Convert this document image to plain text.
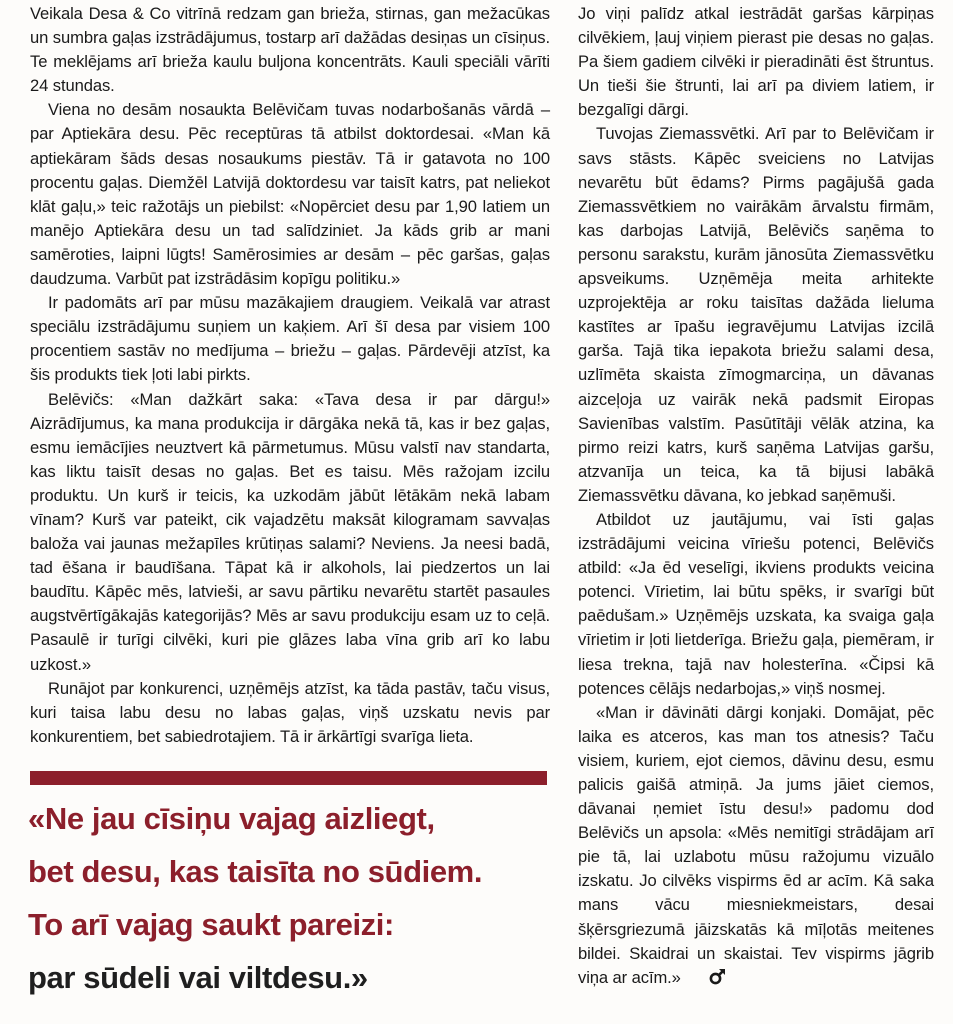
Veikala Desa & Co vitrīnā redzam gan brieža, stirnas, gan mežacūkas un sumbra gaļas izstrādājumus, tostarp arī dažādas desiņas un cīsiņus. Te meklējams arī brieža kaulu buljona koncentrāts. Kauli speciāli vārīti 24 stundas.

Viena no desām nosaukta Belēvičam tuvas nodarbošanās vārdā – par Aptiekāra desu. Pēc receptūras tā atbilst doktordesai. «Man kā aptiekāram šāds desas nosaukums piestāv. Tā ir gatavota no 100 procentu gaļas. Diemžēl Latvijā doktordesu var taisīt katrs, pat neliekot klāt gaļu,» teic ražotājs un piebilst: «Nopērciet desu par 1,90 latiem un manējo Aptiekāra desu un tad salīdziniet. Ja kāds grib ar mani samēroties, laipni lūgts! Samērosimies ar desām – pēc garšas, gaļas daudzuma. Varbūt pat izstrādāsim kopīgu politiku.»

Ir padomāts arī par mūsu mazākajiem draugiem. Veikalā var atrast speciālu izstrādājumu suņiem un kaķiem. Arī šī desa par visiem 100 procentiem sastāv no medījuma – briežu – gaļas. Pārdevēji atzīst, ka šis produkts tiek ļoti labi pirkts.

Belēvičs: «Man dažkārt saka: «Tava desa ir par dārgu!» Aizrādījumus, ka mana produkcija ir dārgāka nekā tā, kas ir bez gaļas, esmu iemācījies neuztvert kā pārmetumus. Mūsu valstī nav standarta, kas liktu taisīt desas no gaļas. Bet es taisu. Mēs ražojam izcilu produktu. Un kurš ir teicis, ka uzkodām jābūt lētākām nekā labam vīnam? Kurš var pateikt, cik vajadzētu maksāt kilogramam savvaļas baloža vai jaunas mežapīles krūtiņas salami? Neviens. Ja neesi badā, tad ēšana ir baudīšana. Tāpat kā ir alkohols, lai piedzertos un lai baudītu. Kāpēc mēs, latvieši, ar savu pārtiku nevarētu startēt pasaules augstvērtīgākajās kategorijās? Mēs ar savu produkciju esam uz to ceļā. Pasaulē ir turīgi cilvēki, kuri pie glāzes laba vīna grib arī ko labu uzkost.»

Runājot par konkurenci, uzņēmējs atzīst, ka tāda pastāv, taču visus, kuri taisa labu desu no labas gaļas, viņš uzskatu nevis par konkurentiem, bet sabiedrotajiem. Tā ir ārkārtīgi svarīga lieta.

«Ne jau cīsiņu vajag aizliegt,
bet desu, kas taisīta no sūdiem.
To arī vajag saukt pareizi:
par sūdeli vai viltdesu.»

Jo viņi palīdz atkal iestrādāt garšas kārpiņas cilvēkiem, ļauj viņiem pierast pie desas no gaļas. Pa šiem gadiem cilvēki ir pieradināti ēst štruntus. Un tieši šie štrunti, lai arī pa diviem latiem, ir bezgalīgi dārgi.

Tuvojas Ziemassvētki. Arī par to Belēvičam ir savs stāsts. Kāpēc sveiciens no Latvijas nevarētu būt ēdams? Pirms pagājušā gada Ziemassvētkiem no vairākām ārvalstu firmām, kas darbojas Latvijā, Belēvičs saņēma to personu sarakstu, kurām jānosūta Ziemassvētku apsveikums. Uzņēmēja meita arhitekte uzprojektēja ar roku taisītas dažāda lieluma kastītes ar īpašu iegravējumu Latvijas izcilā garša. Tajā tika iepakota briežu salami desa, uzlīmēta skaista zīmogmarciņa, un dāvanas aizceļoja uz vairāk nekā padsmit Eiropas Savienības valstīm. Pasūtītāji vēlāk atzina, ka pirmo reizi katrs, kurš saņēma Latvijas garšu, atzvanīja un teica, ka tā bijusi labākā Ziemassvētku dāvana, ko jebkad saņēmuši.

Atbildot uz jautājumu, vai īsti gaļas izstrādājumi veicina vīriešu potenci, Belēvičs atbild: «Ja ēd veselīgi, ikviens produkts veicina potenci. Vīrietim, lai būtu spēks, ir svarīgi būt paēdušam.» Uzņēmējs uzskata, ka svaiga gaļa vīrietim ir ļoti lietderīga. Briežu gaļa, piemēram, ir liesa trekna, tajā nav holesterīna. «Čipsi kā potences cēlājs nedarbojas,» viņš nosmej.

«Man ir dāvināti dārgi konjaki. Domājat, pēc laika es atceros, kas man tos atnesis? Taču visiem, kuriem, ejot ciemos, dāvinu desu, esmu palicis gaišā atmiņā. Ja jums jāiet ciemos, dāvanai ņemiet īstu desu!» padomu dod Belēvičs un apsola: «Mēs nemitīgi strādājam arī pie tā, lai uzlabotu mūsu ražojumu vizuālo izskatu. Jo cilvēks vispirms ēd ar acīm. Kā saka mans vācu miesniekmeistars, desai šķērsgriezumā jāizskatās kā mīļotās meitenes bildei. Skaidrai un skaistai. Tev vispirms jāgrib viņa ar acīm.»
